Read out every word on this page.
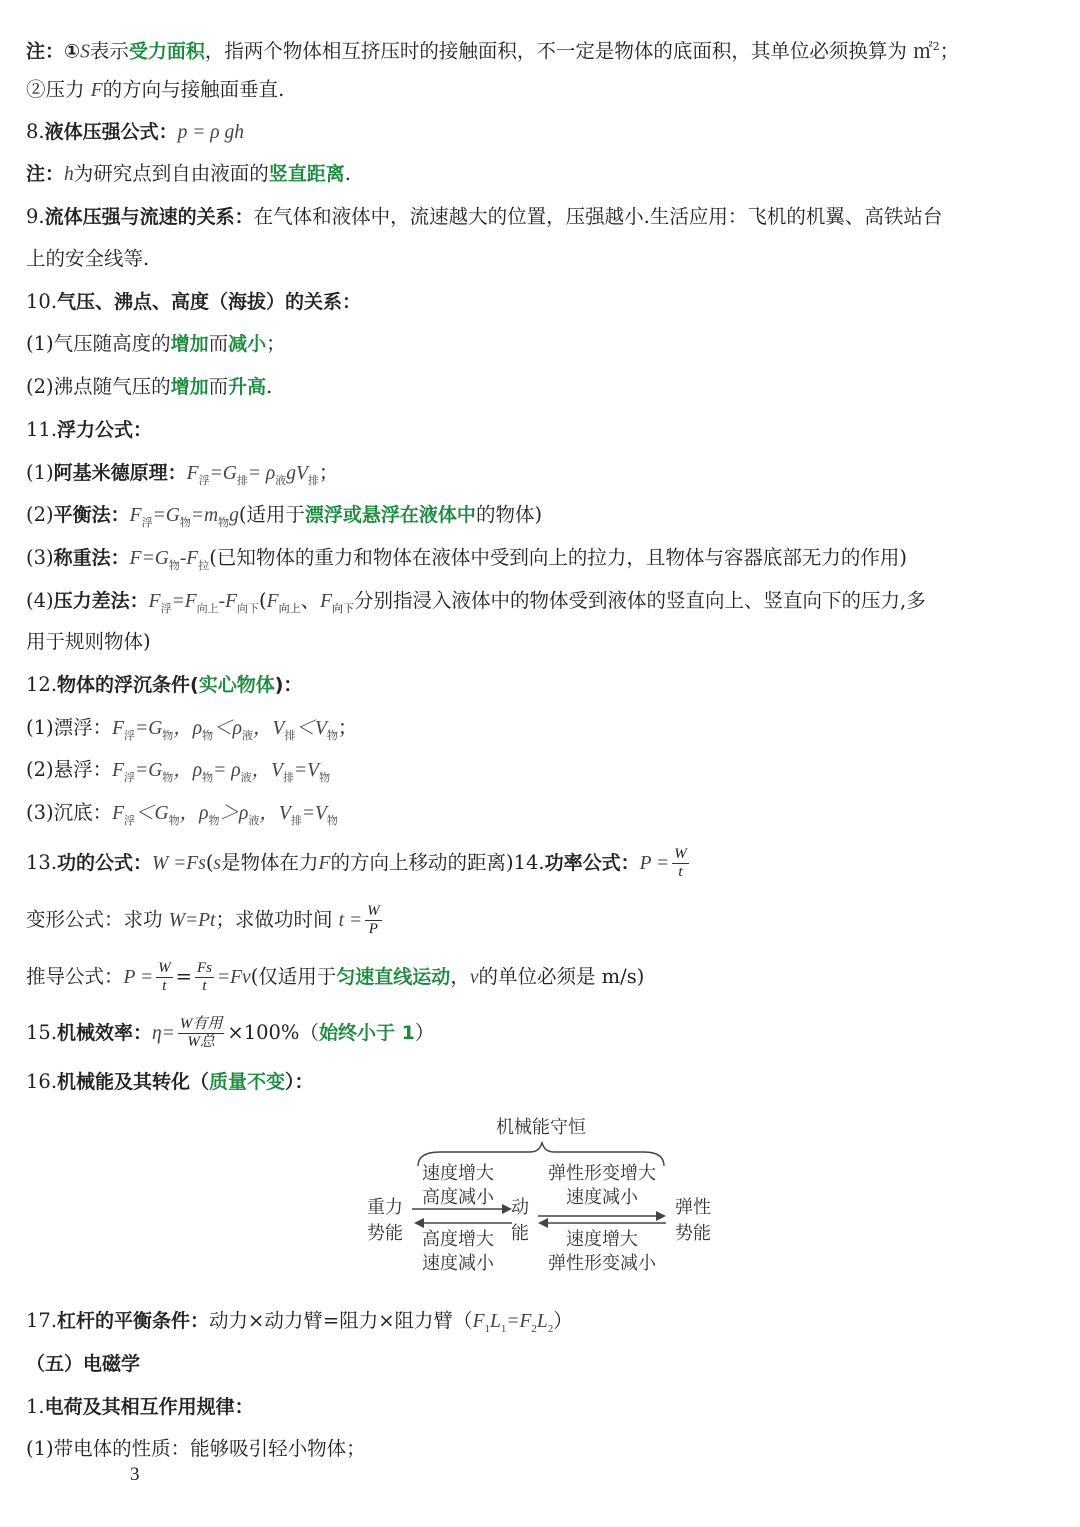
注：①S表示受力面积，指两个物体相互挤压时的接触面积，不一定是物体的底面积，其单位必须换算为 ㎡$^2$；
②压力 F的方向与接触面垂直.
8.液体压强公式：p = ρ gh
注：h为研究点到自由液面的竖直距离.
9.流体压强与流速的关系：在气体和液体中，流速越大的位置，压强越小.生活应用：飞机的机翼、高铁站台
上的安全线等.
10.气压、沸点、高度（海拔）的关系：
(1)气压随高度的增加而减小；
(2)沸点随气压的增加而升高.
11.浮力公式：
(1)阿基米德原理：$F_浮=G_排= \rho_液gV_排$；
(2)平衡法：$F_浮=G_物=m_物g$(适用于漂浮或悬浮在液体中的物体)
(3)称重法：$F=G_物-F_拉$(已知物体的重力和物体在液体中受到向上的拉力，且物体与容器底部无力的作用)
(4)压力差法：$F_浮=F_{向上}-F_{向下}(F_{向上}$、$F_{向下}$分别指浸入液体中的物体受到液体的竖直向上、竖直向下的压力,多
用于规则物体)
12.物体的浮沉条件(实心物体)：
(1)漂浮：$F_浮=G_物$，$\rho_物<\rho_液$，$V_排<V_物$；
(2)悬浮：$F_浮=G_物$，$\rho_物= \rho_液$，$V_排=V_物$
(3)沉底：$F_浮<G_物$，$\rho_物>\rho_液$，$V_排=V_物$
13.功的公式：W =Fs(s是物体在力F的方向上移动的距离)14.功率公式：$P = \frac{W}{t}$
变形公式：求功 W=Pt；求做功时间 $t = \frac{W}{P}$
推导公式：$P = \frac{W}{t} = \frac{Fs}{t} =Fv$(仅适用于匀速直线运动，v的单位必须是 m/s)
15.机械效率：$\eta= \frac{\text{W有用}}{\text{W总}} \times 100\%$（始终小于 1）
16.机械能及其转化（质量不变）：
机械能守恒
重力
势能
动
能
弹性
势能
速度增大
高度减小
高度增大
速度减小
弹性形变增大
速度减小
速度增大
弹性形变减小
17.杠杆的平衡条件：动力×动力臂=阻力×阻力臂$(F_1L_1=F_2L_2)$
（五）电磁学
1.电荷及其相互作用规律：
(1)带电体的性质：能够吸引轻小物体；
3
